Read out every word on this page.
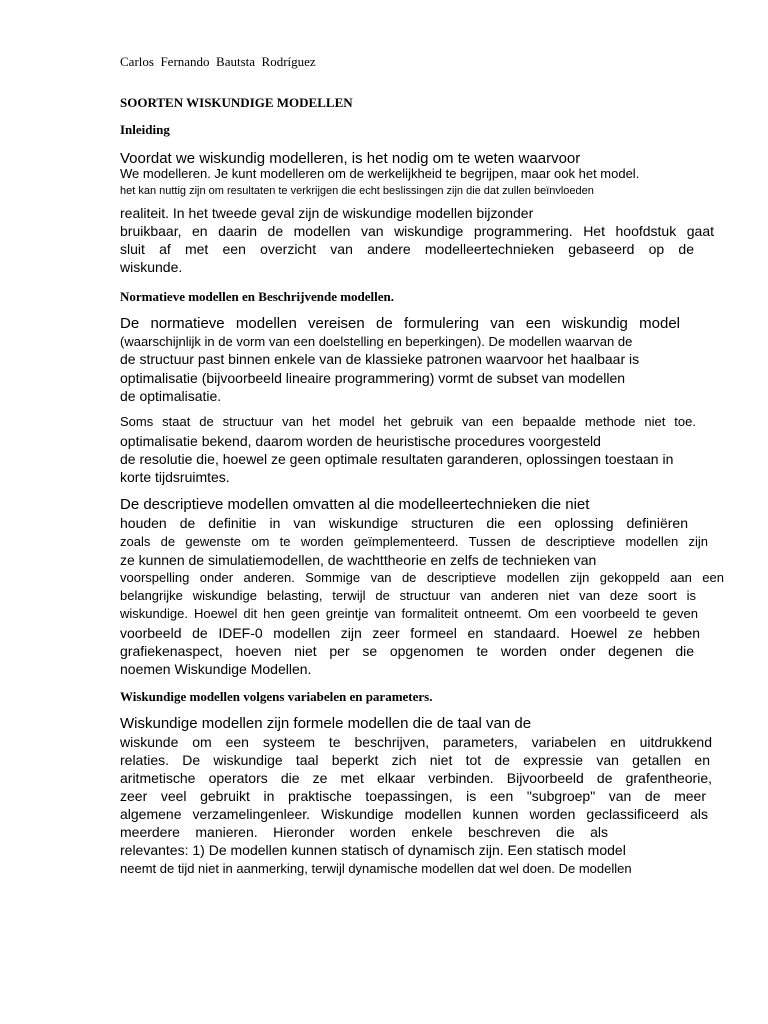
Carlos  Fernando  Bautsta  Rodríguez
SOORTEN WISKUNDIGE MODELLEN
Inleiding
Voordat we wiskundig modelleren, is het nodig om te weten waarvoor
We modelleren. Je kunt modelleren om de werkelijkheid te begrijpen, maar ook het model.
het kan nuttig zijn om resultaten te verkrijgen die echt beslissingen zijn die dat zullen beïnvloeden
realiteit. In het tweede geval zijn de wiskundige modellen bijzonder
bruikbaar, en daarin de modellen van wiskundige programmering. Het hoofdstuk gaat
sluit af met een overzicht van andere modelleertechnieken gebaseerd op de
wiskunde.
Normatieve modellen en Beschrijvende modellen.
De normatieve modellen vereisen de formulering van een wiskundig model
(waarschijnlijk in de vorm van een doelstelling en beperkingen). De modellen waarvan de
de structuur past binnen enkele van de klassieke patronen waarvoor het haalbaar is
optimalisatie (bijvoorbeeld lineaire programmering) vormt de subset van modellen
de optimalisatie.
Soms staat de structuur van het model het gebruik van een bepaalde methode niet toe.
optimalisatie bekend, daarom worden de heuristische procedures voorgesteld
de resolutie die, hoewel ze geen optimale resultaten garanderen, oplossingen toestaan in
korte tijdsruimtes.
De descriptieve modellen omvatten al die modelleertechnieken die niet
houden de definitie in van wiskundige structuren die een oplossing definiëren
zoals de gewenste om te worden geïmplementeerd. Tussen de descriptieve modellen zijn
ze kunnen de simulatiemodellen, de wachttheorie en zelfs de technieken van
voorspelling onder anderen. Sommige van de descriptieve modellen zijn gekoppeld aan een
belangrijke wiskundige belasting, terwijl de structuur van anderen niet van deze soort is
wiskundige. Hoewel dit hen geen greintje van formaliteit ontneemt. Om een voorbeeld te geven
voorbeeld de IDEF-0 modellen zijn zeer formeel en standaard. Hoewel ze hebben
grafiekenaspect, hoeven niet per se opgenomen te worden onder degenen die
noemen Wiskundige Modellen.
Wiskundige modellen volgens variabelen en parameters.
Wiskundige modellen zijn formele modellen die de taal van de
wiskunde om een systeem te beschrijven, parameters, variabelen en uitdrukkend
relaties. De wiskundige taal beperkt zich niet tot de expressie van getallen en
aritmetische operators die ze met elkaar verbinden. Bijvoorbeeld de grafentheorie,
zeer veel gebruikt in praktische toepassingen, is een "subgroep" van de meer
algemene verzamelingenleer. Wiskundige modellen kunnen worden geclassificeerd als
meerdere manieren. Hieronder worden enkele beschreven die als
relevantes: 1) De modellen kunnen statisch of dynamisch zijn. Een statisch model
neemt de tijd niet in aanmerking, terwijl dynamische modellen dat wel doen. De modellen
